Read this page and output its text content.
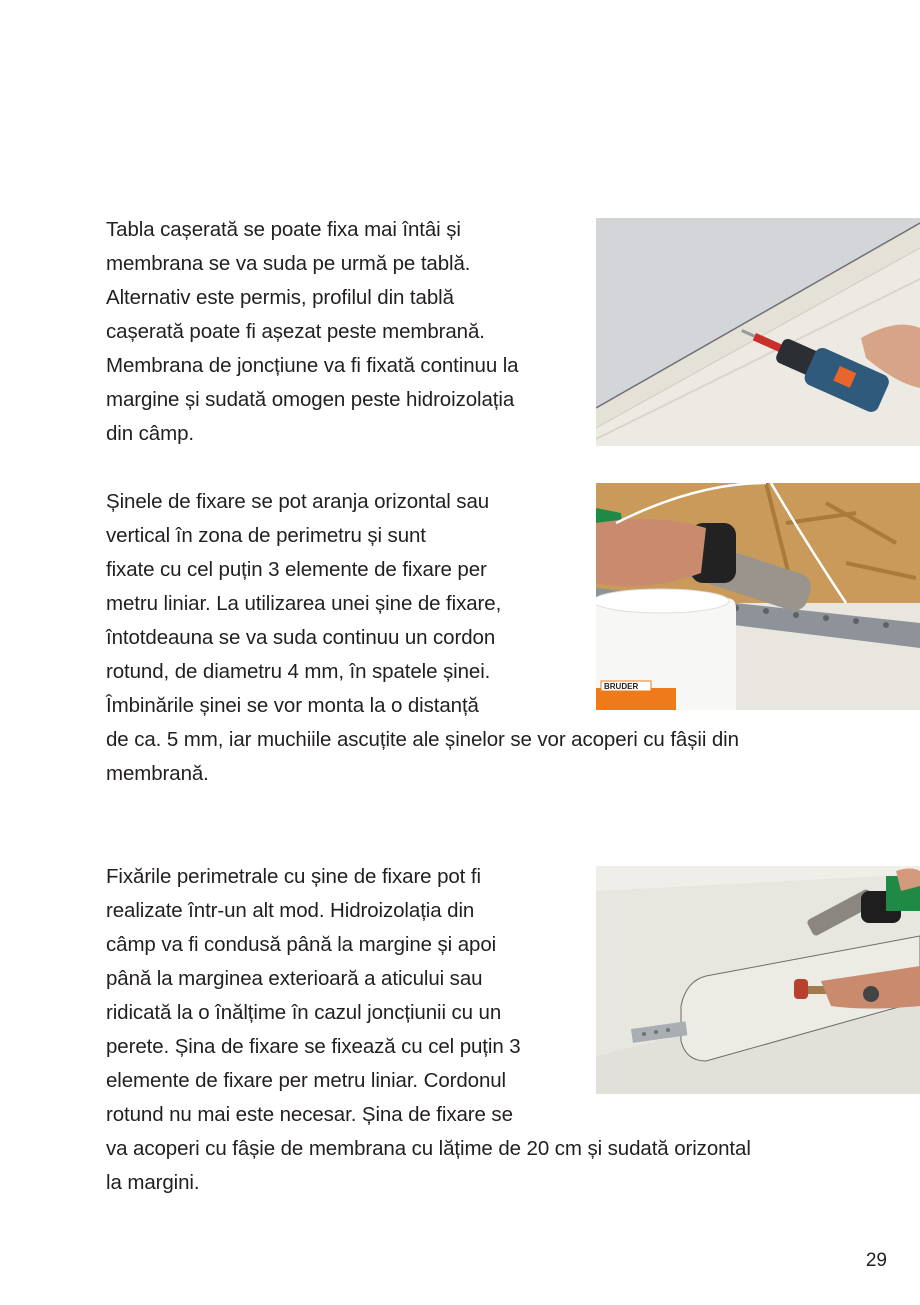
Tabla cașerată se poate fixa mai întâi și
membrana se va suda pe urmă pe tablă.
Alternativ este permis, profilul din tablă
cașerată poate fi așezat peste membrană.
Membrana de joncțiune va fi fixată continuu la
margine și sudată omogen peste hidroizolația
din câmp.
Șinele de fixare se pot aranja orizontal sau
vertical în zona de perimetru și sunt
fixate cu cel puțin 3 elemente de fixare per
metru liniar. La utilizarea unei șine de fixare,
întotdeauna se va suda continuu un cordon
rotund, de diametru 4 mm, în spatele șinei.
Îmbinările șinei se vor monta la o distanță
de ca. 5 mm, iar muchiile ascuțite ale șinelor se vor acoperi cu fâșii din
membrană.
BRUDER
Fixările perimetrale cu șine de fixare pot fi
realizate într-un alt mod. Hidroizolația din
câmp va fi condusă până la margine și apoi
până la marginea exterioară a aticului sau
ridicată la o înălțime în cazul joncțiunii cu un
perete. Șina de fixare se fixează cu cel puțin 3
elemente de fixare per metru liniar. Cordonul
rotund nu mai este necesar. Șina de fixare se
va acoperi cu fâșie de membrana cu lățime de 20 cm și sudată orizontal
la margini.
29
